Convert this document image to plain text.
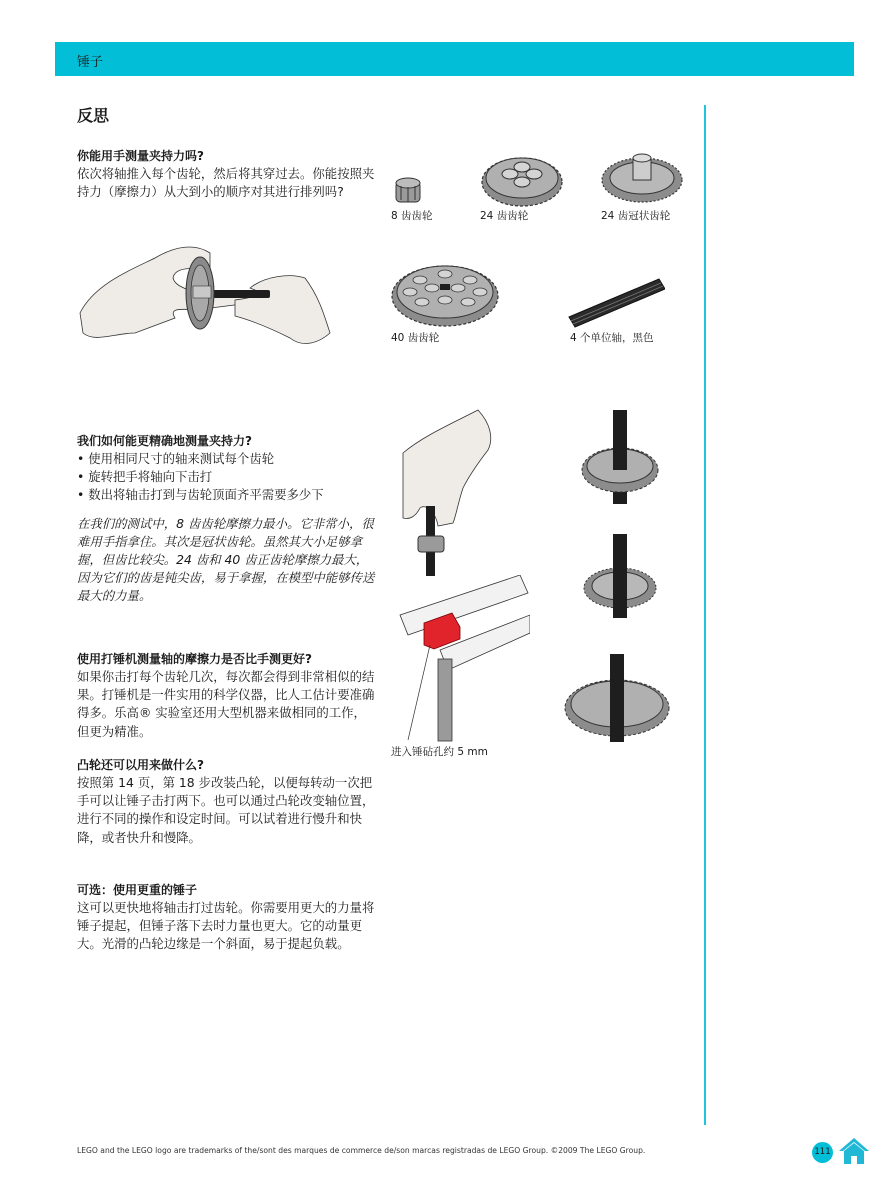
锤子
反思
你能用手测量夹持力吗?

依次将轴推入每个齿轮，然后将其穿过去。你能按照夹持力（摩擦力）从大到小的顺序对其进行排列吗?

8 齿齿轮	24 齿齿轮	24 齿冠状齿轮
40 齿齿轮	4 个单位轴，黑色
我们如何能更精确地测量夹持力?
• 使用相同尺寸的轴来测试每个齿轮
• 旋转把手将轴向下击打
• 数出将轴击打到与齿轮顶面齐平需要多少下

在我们的测试中，8 齿齿轮摩擦力最小。它非常小，很难用手指拿住。其次是冠状齿轮。虽然其大小足够拿握，但齿比较尖。24 齿和 40 齿正齿轮摩擦力最大，因为它们的齿是钝尖齿，易于拿握，在模型中能够传送最大的力量。

进入锤砧孔约 5 mm
使用打锤机测量轴的摩擦力是否比手测更好?

如果你击打每个齿轮几次，每次都会得到非常相似的结果。打锤机是一件实用的科学仪器，比人工估计要准确得多。乐高® 实验室还用大型机器来做相同的工作，但更为精准。

凸轮还可以用来做什么?

按照第 14 页，第 18 步改装凸轮，以便每转动一次把手可以让锤子击打两下。也可以通过凸轮改变轴位置，进行不同的操作和设定时间。可以试着进行慢升和快降，或者快升和慢降。

可选：使用更重的锤子

这可以更快地将轴击打过齿轮。你需要用更大的力量将锤子提起，但锤子落下去时力量也更大。它的动量更大。光滑的凸轮边缘是一个斜面，易于提起负载。

LEGO and the LEGO logo are trademarks of the/sont des marques de commerce de/son marcas registradas de LEGO Group. ©2009 The LEGO Group.	111
